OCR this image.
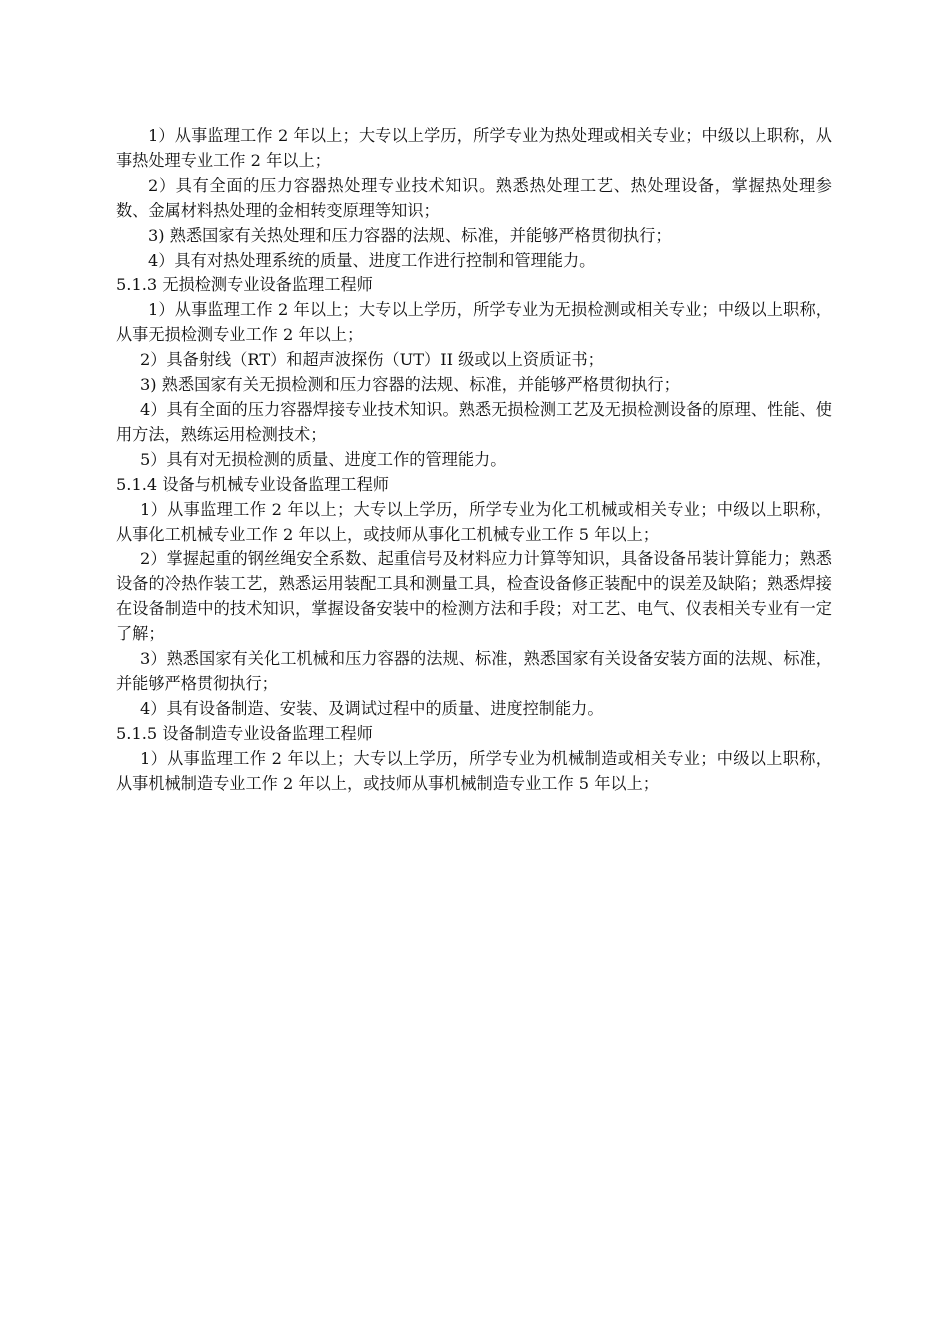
1）从事监理工作 2 年以上；大专以上学历，所学专业为热处理或相关专业；中级以上职称，从事热处理专业工作 2 年以上；

2）具有全面的压力容器热处理专业技术知识。熟悉热处理工艺、热处理设备，掌握热处理参数、金属材料热处理的金相转变原理等知识；

3) 熟悉国家有关热处理和压力容器的法规、标准，并能够严格贯彻执行；

4）具有对热处理系统的质量、进度工作进行控制和管理能力。

5.1.3 无损检测专业设备监理工程师

1）从事监理工作 2 年以上；大专以上学历，所学专业为无损检测或相关专业；中级以上职称，从事无损检测专业工作 2 年以上；

2）具备射线（RT）和超声波探伤（UT）II 级或以上资质证书；

3) 熟悉国家有关无损检测和压力容器的法规、标准，并能够严格贯彻执行；

4）具有全面的压力容器焊接专业技术知识。熟悉无损检测工艺及无损检测设备的原理、性能、使用方法，熟练运用检测技术；

5）具有对无损检测的质量、进度工作的管理能力。

5.1.4 设备与机械专业设备监理工程师

1）从事监理工作 2 年以上；大专以上学历，所学专业为化工机械或相关专业；中级以上职称，从事化工机械专业工作 2 年以上，或技师从事化工机械专业工作 5 年以上；

2）掌握起重的钢丝绳安全系数、起重信号及材料应力计算等知识，具备设备吊装计算能力；熟悉设备的冷热作装工艺，熟悉运用装配工具和测量工具，检查设备修正装配中的误差及缺陷；熟悉焊接在设备制造中的技术知识，掌握设备安装中的检测方法和手段；对工艺、电气、仪表相关专业有一定了解；

3）熟悉国家有关化工机械和压力容器的法规、标准，熟悉国家有关设备安装方面的法规、标准，并能够严格贯彻执行；

4）具有设备制造、安装、及调试过程中的质量、进度控制能力。

5.1.5 设备制造专业设备监理工程师

1）从事监理工作 2 年以上；大专以上学历，所学专业为机械制造或相关专业；中级以上职称，从事机械制造专业工作 2 年以上，或技师从事机械制造专业工作 5 年以上；
